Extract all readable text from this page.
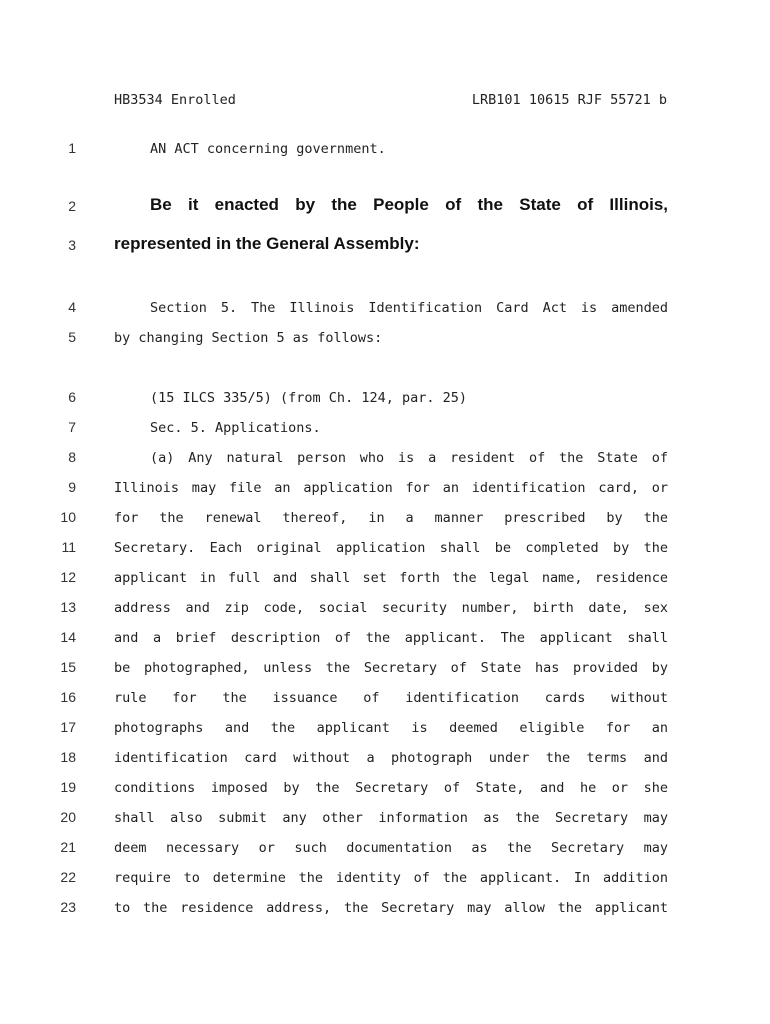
HB3534 Enrolled	LRB101 10615 RJF 55721 b
1	AN ACT concerning government.
2	Be it enacted by the People of the State of Illinois,
3 represented in the General Assembly:
4	Section 5. The Illinois Identification Card Act is amended
5	by changing Section 5 as follows:
6	(15 ILCS 335/5) (from Ch. 124, par. 25)
7	Sec. 5. Applications.
8	(a) Any natural person who is a resident of the State of
9	Illinois may file an application for an identification card, or
10	for the renewal thereof, in a manner prescribed by the
11	Secretary. Each original application shall be completed by the
12	applicant in full and shall set forth the legal name, residence
13	address and zip code, social security number, birth date, sex
14	and a brief description of the applicant. The applicant shall
15	be photographed, unless the Secretary of State has provided by
16	rule for the issuance of identification cards without
17	photographs and the applicant is deemed eligible for an
18	identification card without a photograph under the terms and
19	conditions imposed by the Secretary of State, and he or she
20	shall also submit any other information as the Secretary may
21	deem necessary or such documentation as the Secretary may
22	require to determine the identity of the applicant. In addition
23	to the residence address, the Secretary may allow the applicant
